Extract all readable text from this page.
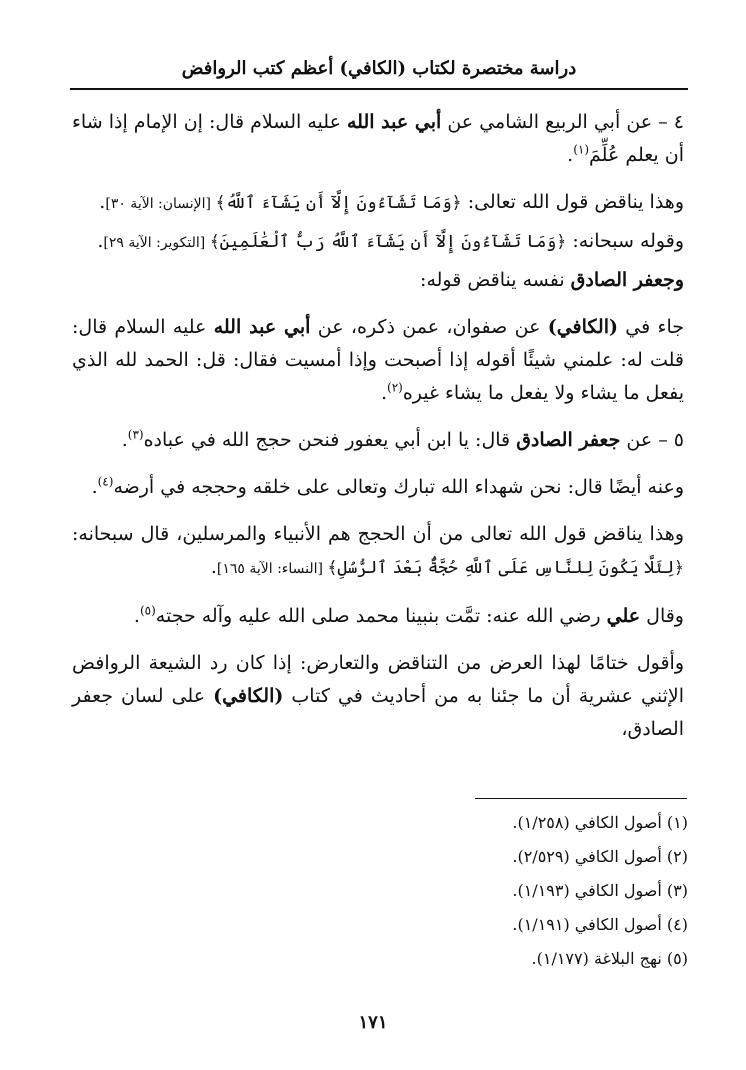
دراسة مختصرة لكتاب (الكافي) أعظم كتب الروافض

٤ – عن أبي الربيع الشامي عن أبي عبد الله عليه السلام قال: إن الإمام إذا شاء أن يعلم عُلِّمَ$^{(١)}$.

وهذا يناقض قول الله تعالى: ﴿وَمَا تَشَآءُونَ إِلَّآ أَن يَشَآءَ ٱللَّهُ﴾ [الإنسان: الآية ٣٠].

وقوله سبحانه: ﴿وَمَا تَشَآءُونَ إِلَّآ أَن يَشَآءَ ٱللَّهُ رَبُّ ٱلْعَٰلَمِينَ﴾ [التكوير: الآية ٢٩].

وجعفر الصادق نفسه يناقض قوله:

جاء في (الكافي) عن صفوان، عمن ذكره، عن أبي عبد الله عليه السلام قال: قلت له: علمني شيئًا أقوله إذا أصبحت وإذا أمسيت فقال: قل: الحمد لله الذي يفعل ما يشاء ولا يفعل ما يشاء غيره$^{(٢)}$.

٥ – عن جعفر الصادق قال: يا ابن أبي يعفور فنحن حجج الله في عباده$^{(٣)}$.

وعنه أيضًا قال: نحن شهداء الله تبارك وتعالى على خلقه وحججه في أرضه$^{(٤)}$.

وهذا يناقض قول الله تعالى من أن الحجج هم الأنبياء والمرسلين، قال سبحانه: ﴿لِئَلَّا يَكُونَ لِلنَّاسِ عَلَى ٱللَّهِ حُجَّةٌۢ بَعْدَ ٱلرُّسُلِ﴾ [النساء: الآية ١٦٥].

وقال علي رضي الله عنه: تمَّت بنبينا محمد صلى الله عليه وآله حجته$^{(٥)}$.

وأقول ختامًا لهذا العرض من التناقض والتعارض: إذا كان رد الشيعة الروافض الإثني عشرية أن ما جئنا به من أحاديث في كتاب (الكافي) على لسان جعفر الصادق،

(١) أصول الكافي (١/٢٥٨).

(٢) أصول الكافي (٢/٥٢٩).

(٣) أصول الكافي (١/١٩٣).

(٤) أصول الكافي (١/١٩١).

(٥) نهج البلاغة (١/١٧٧).

١٧١
